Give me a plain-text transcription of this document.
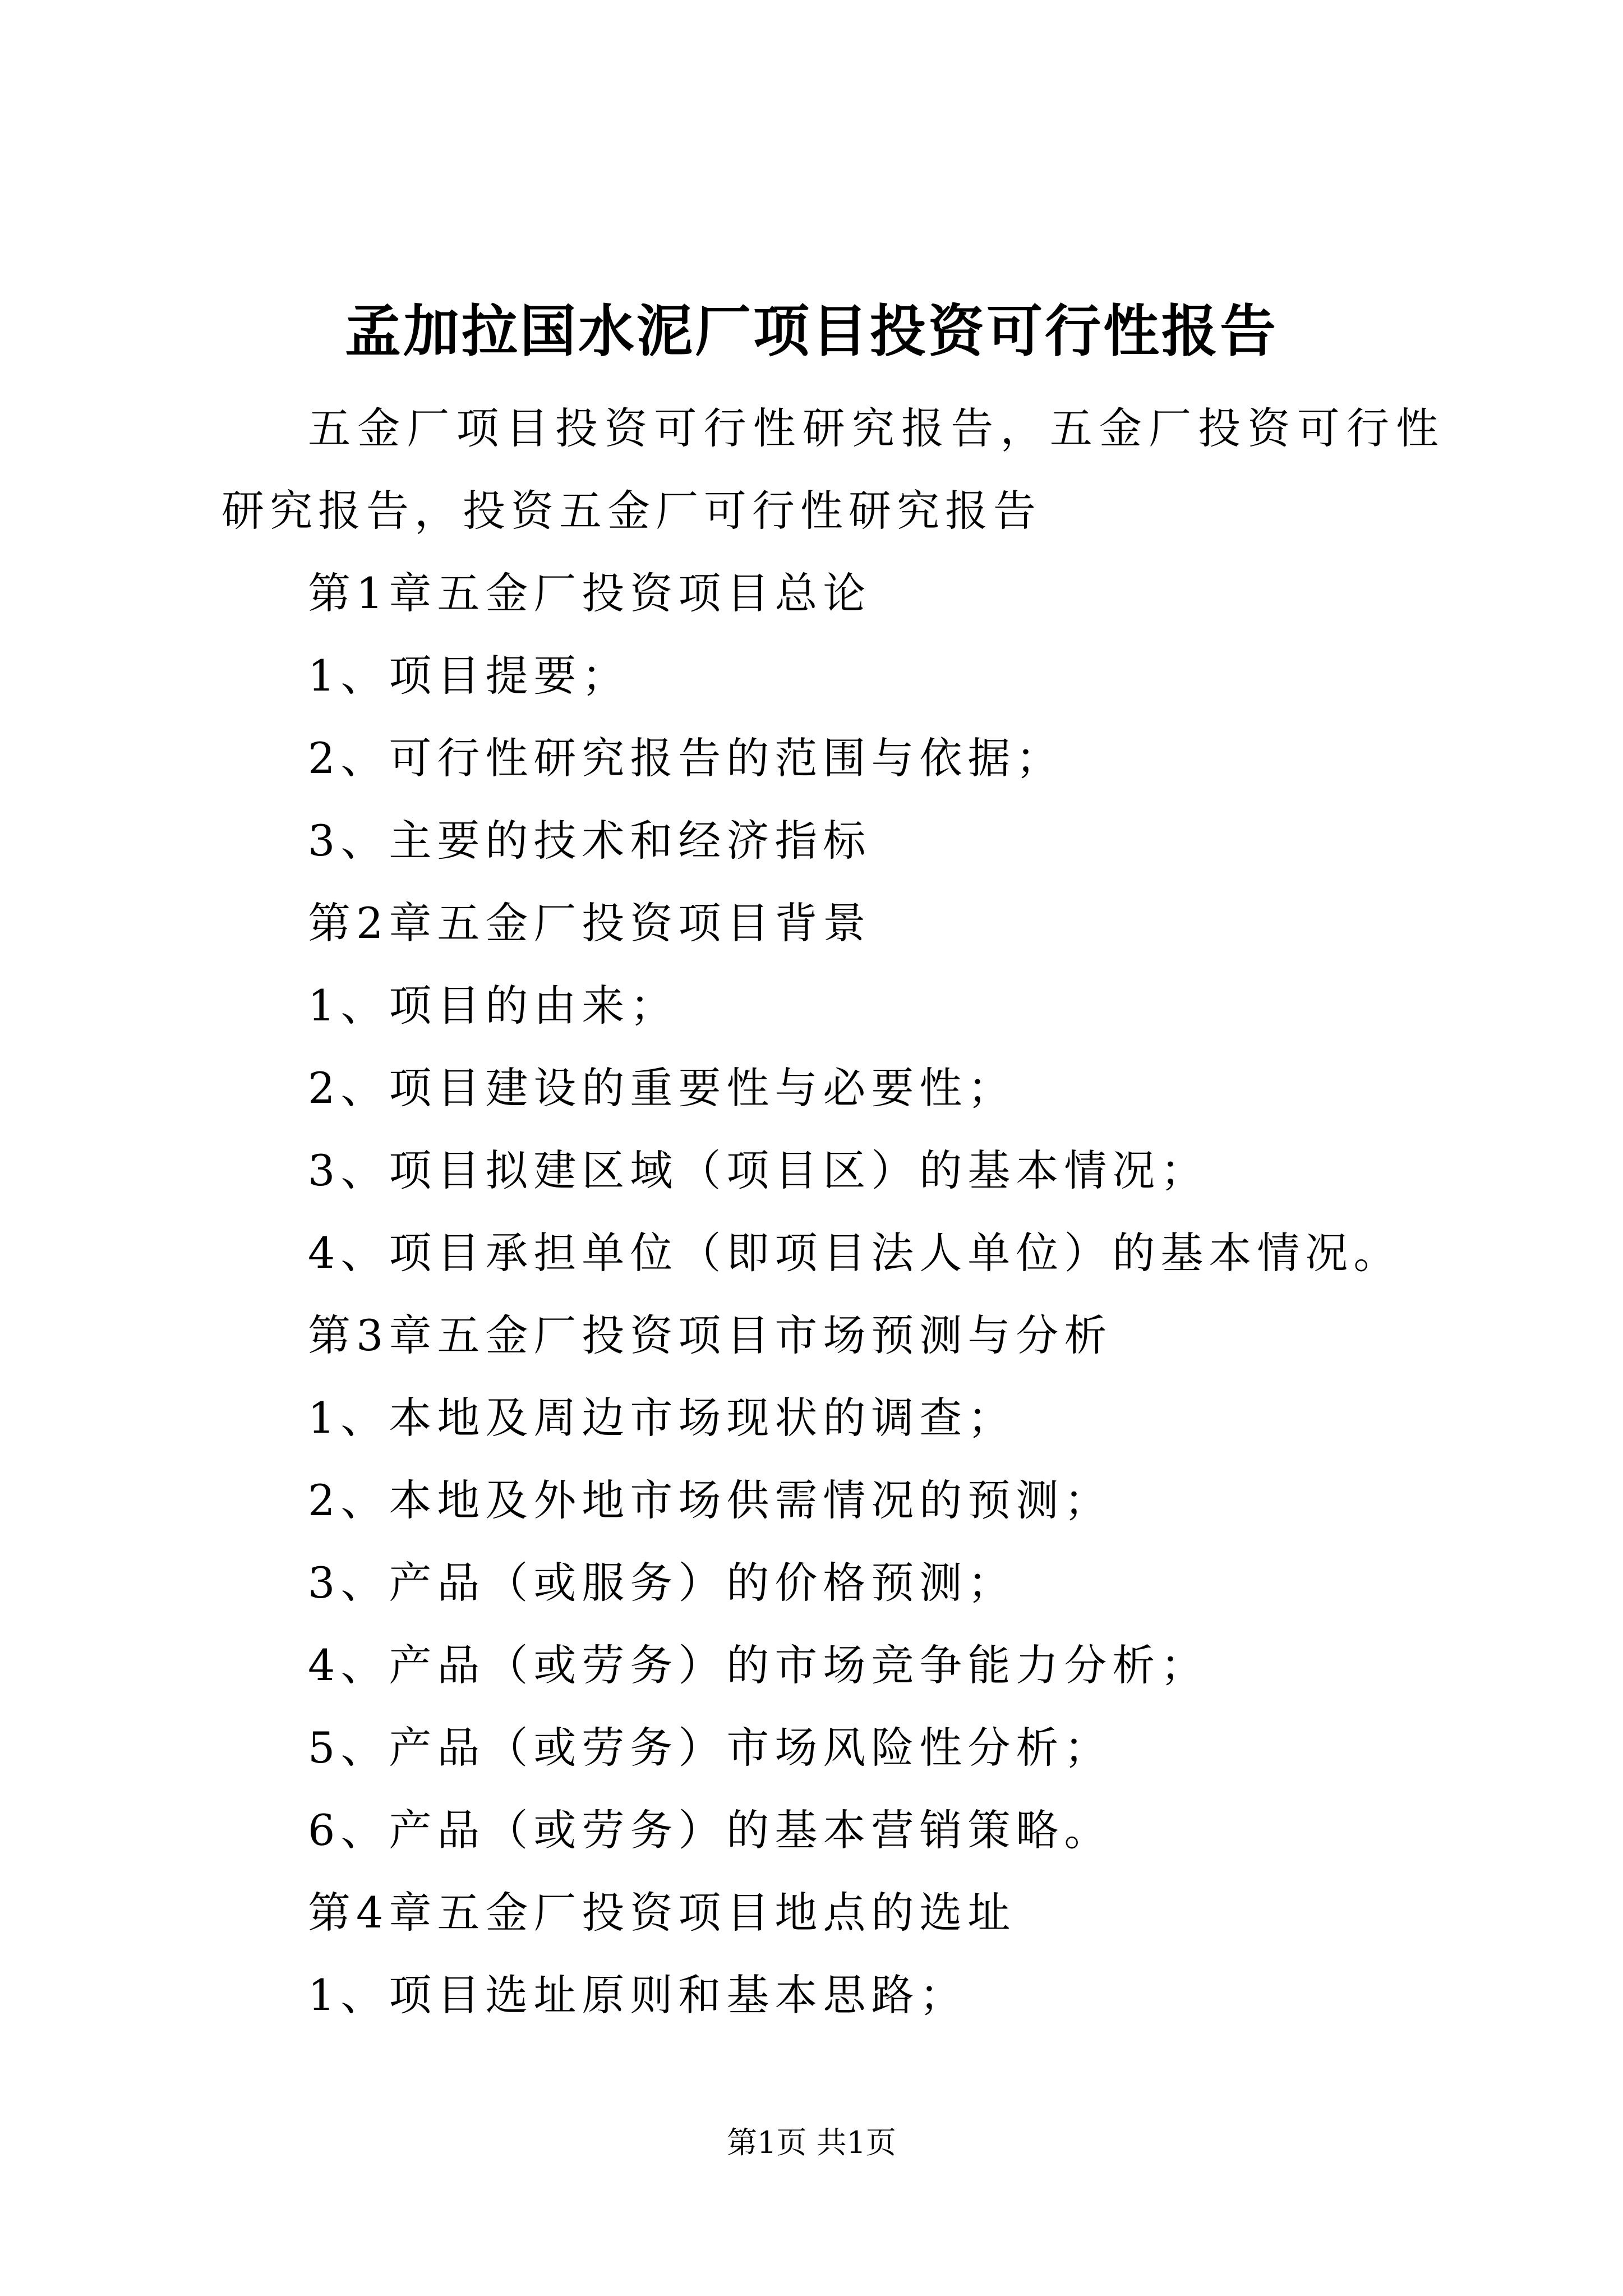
孟加拉国水泥厂项目投资可行性报告

五金厂项目投资可行性研究报告，五金厂投资可行性研究报告，投资五金厂可行性研究报告

第1章五金厂投资项目总论

1、项目提要；

2、可行性研究报告的范围与依据；

3、主要的技术和经济指标

第2章五金厂投资项目背景

1、项目的由来；

2、项目建设的重要性与必要性；

3、项目拟建区域（项目区）的基本情况；

4、项目承担单位（即项目法人单位）的基本情况。

第3章五金厂投资项目市场预测与分析

1、本地及周边市场现状的调查；

2、本地及外地市场供需情况的预测；

3、产品（或服务）的价格预测；

4、产品（或劳务）的市场竞争能力分析；

5、产品（或劳务）市场风险性分析；

6、产品（或劳务）的基本营销策略。

第4章五金厂投资项目地点的选址

1、项目选址原则和基本思路；

第1页 共1页
